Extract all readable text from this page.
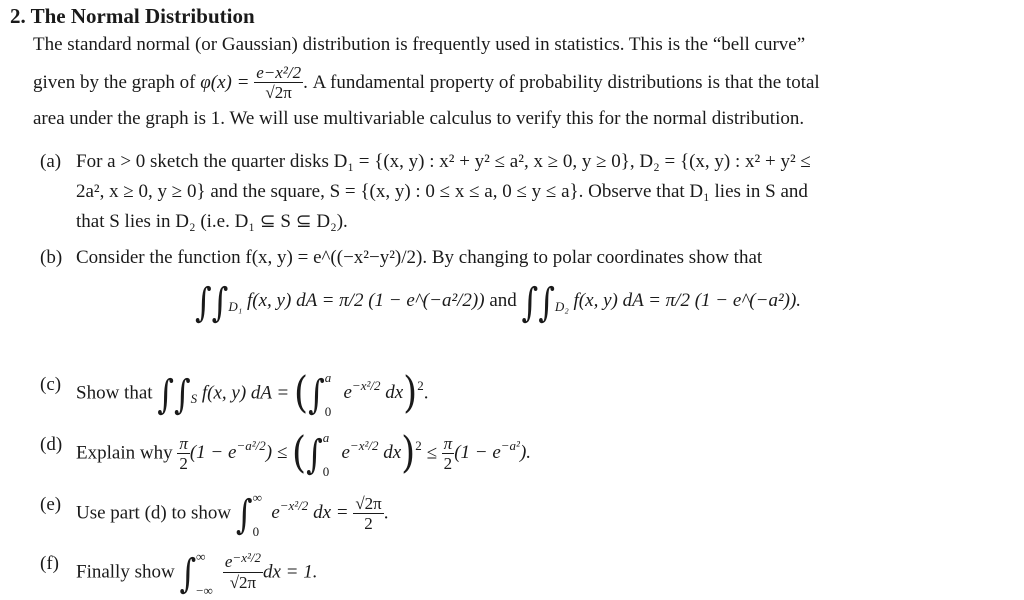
2. The Normal Distribution
The standard normal (or Gaussian) distribution is frequently used in statistics. This is the “bell curve”
given by the graph of $\varphi(x) = \frac{\text{e−x²/2}}{√2\pi}$ . A fundamental property of probability distributions is that the total
area under the graph is 1. We will use multivariable calculus to verify this for the normal distribution.
(a) For a > 0 sketch the quarter disks D₁ = {(x, y) : x² + y² ≤ a², x ≥ 0, y ≥ 0}, D₂ = {(x, y) : x² + y² ≤
2a², x ≥ 0, y ≥ 0} and the square, S = {(x, y) : 0 ≤ x ≤ a, 0 ≤ y ≤ a}. Observe that D₁ lies in S and
that S lies in D₂ (i.e. D₁ ⊆ S ⊆ D₂).
(b) Consider the function f(x, y) = e^((−x²−y²)/2). By changing to polar coordinates show that
$\int\int_{D_1}$ f(x, y) dA = π/2 (1 − e^(−a²/2)) and $\int\int_{D_2}$ f(x, y) dA = π/2 (1 − e^(−a²)).
(c) Show that $\int\int_S$ f(x, y) dA = (∫ a
0
$e^{-x^2/2}$ dx)$^2$.
(d) Explain why $\frac{\pi}{2} (1 - e^{-a^2/2})$ ≤ (∫ a
0
$e^{-x^2/2}$ $dx)^2 \le \frac{\pi}{2} (1 - e^{-a^2})$.
(e) Use part (d) to show ∫ ∞
0
$e^{-x^2/2}$ dx = $\frac{√2\pi}{2}$ .
(f) Finally show ∫ ∞
−∞
$\frac{e^{-x^2/2}}{√2\pi}$ dx = 1.
